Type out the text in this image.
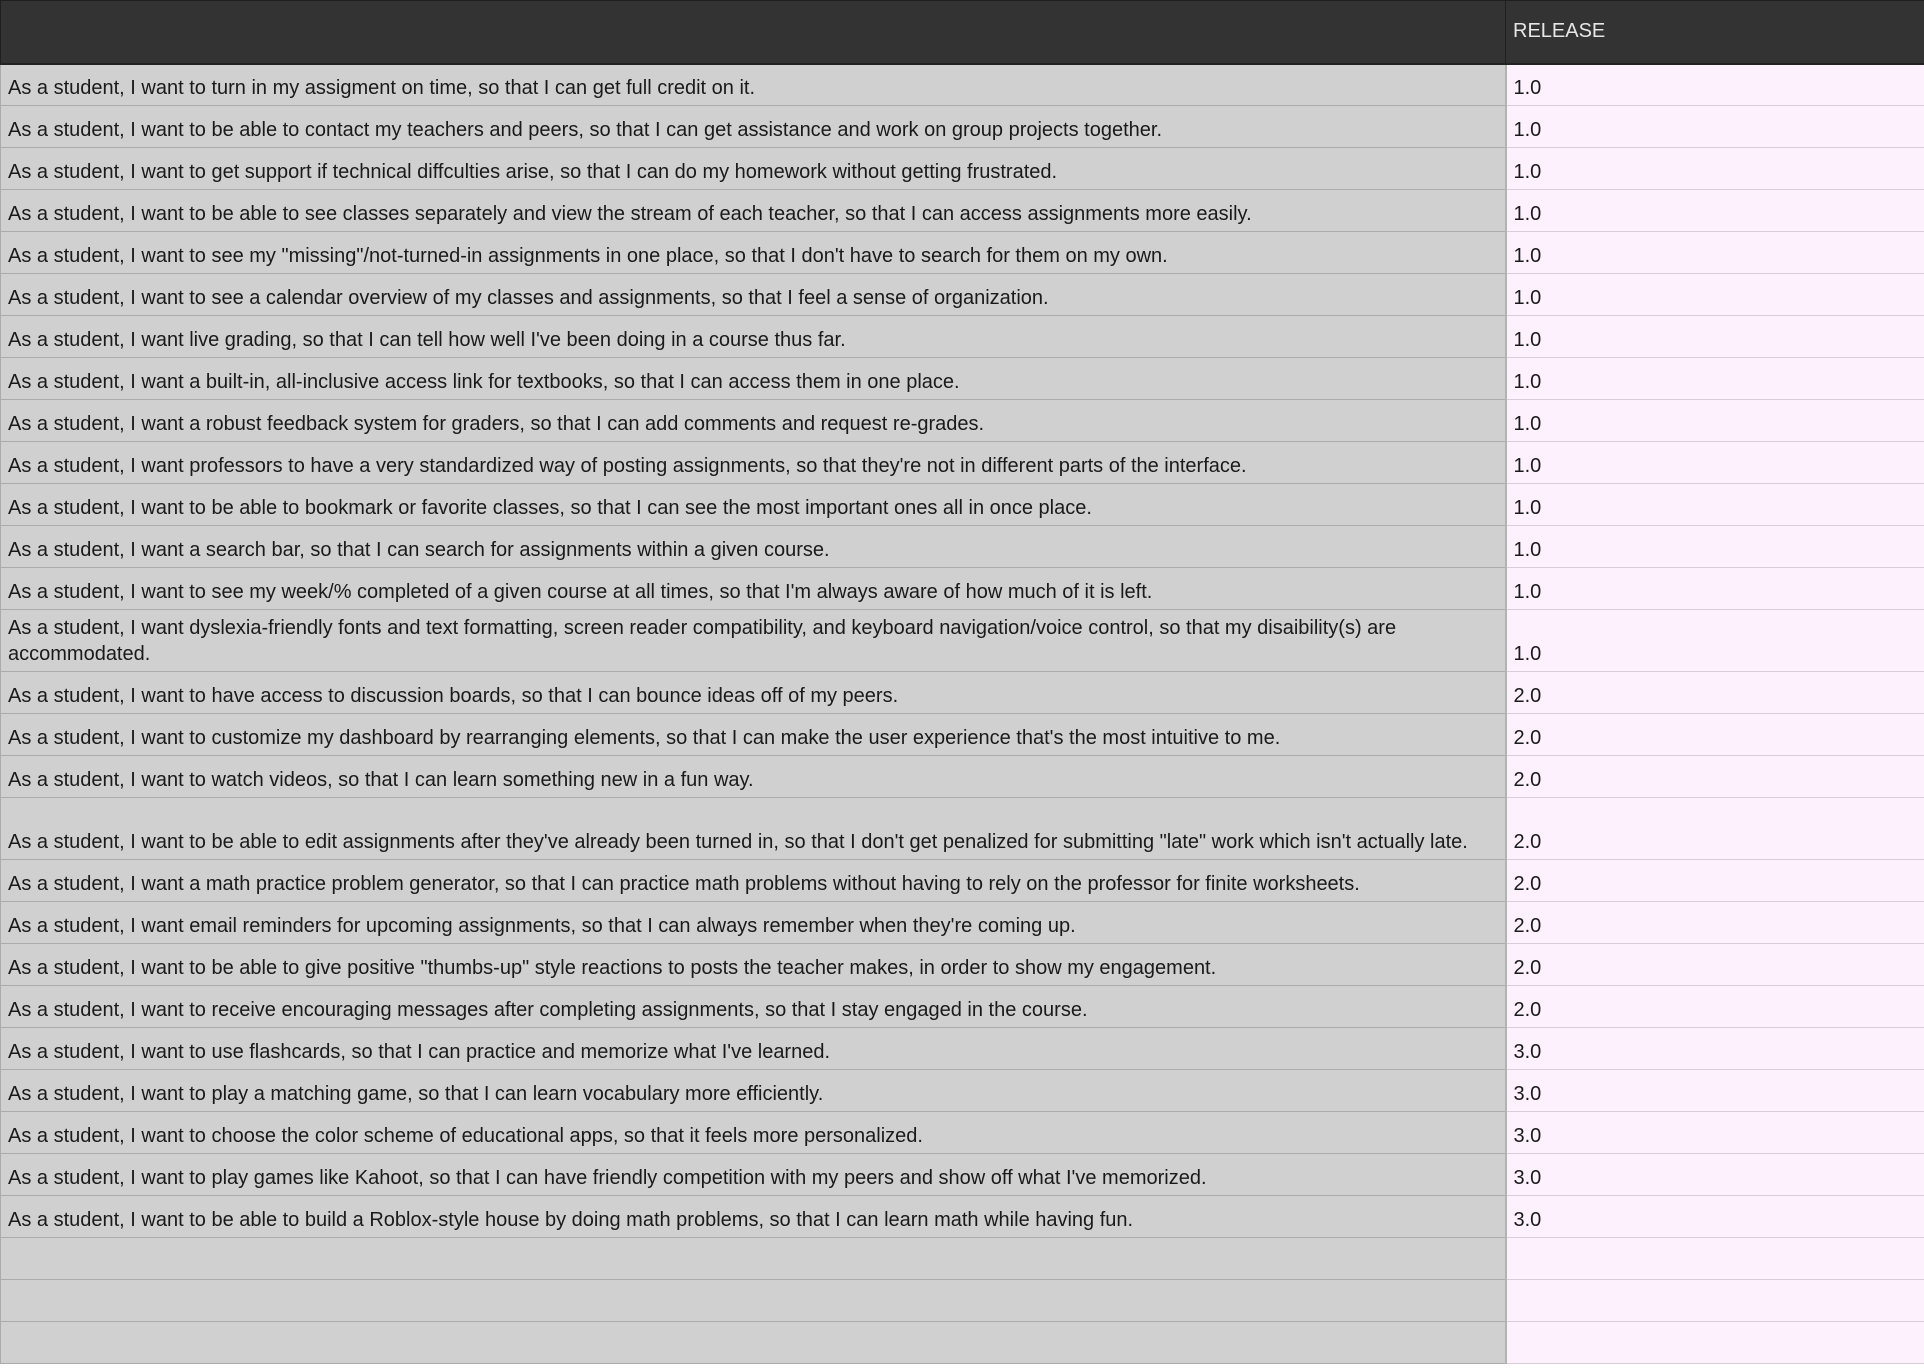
	RELEASE
As a student, I want to turn in my assigment on time, so that I can get full credit on it.	1.0
As a student, I want to be able to contact my teachers and peers, so that I can get assistance and work on group projects together.	1.0
As a student, I want to get support if technical diffculties arise, so that I can do my homework without getting frustrated.	1.0
As a student, I want to be able to see classes separately and view the stream of each teacher, so that I can access assignments more easily.	1.0
As a student, I want to see my "missing"/not-turned-in assignments in one place, so that I don't have to search for them on my own.	1.0
As a student, I want to see a calendar overview of my classes and assignments, so that I feel a sense of organization.	1.0
As a student, I want live grading, so that I can tell how well I've been doing in a course thus far.	1.0
As a student, I want a built-in, all-inclusive access link for textbooks, so that I can access them in one place.	1.0
As a student, I want a robust feedback system for graders, so that I can add comments and request re-grades.	1.0
As a student, I want professors to have a very standardized way of posting assignments, so that they're not in different parts of the interface.	1.0
As a student, I want to be able to bookmark or favorite classes, so that I can see the most important ones all in once place.	1.0
As a student, I want a search bar, so that I can search for assignments within a given course.	1.0
As a student, I want to see my week/% completed of a given course at all times, so that I'm always aware of how much of it is left.	1.0
As a student, I want dyslexia-friendly fonts and text formatting, screen reader compatibility, and keyboard navigation/voice control, so that my disaibility(s) are accommodated.	1.0
As a student, I want to have access to discussion boards, so that I can bounce ideas off of my peers.	2.0
As a student, I want to customize my dashboard by rearranging elements, so that I can make the user experience that's the most intuitive to me.	2.0
As a student, I want to watch videos, so that I can learn something new in a fun way.	2.0
As a student, I want to be able to edit assignments after they've already been turned in, so that I don't get penalized for submitting "late" work which isn't actually late.	2.0
As a student, I want a math practice problem generator, so that I can practice math problems without having to rely on the professor for finite worksheets.	2.0
As a student, I want email reminders for upcoming assignments, so that I can always remember when they're coming up.	2.0
As a student, I want to be able to give positive "thumbs-up" style reactions to posts the teacher makes, in order to show my engagement.	2.0
As a student, I want to receive encouraging messages after completing assignments, so that I stay engaged in the course.	2.0
As a student, I want to use flashcards, so that I can practice and memorize what I've learned.	3.0
As a student, I want to play a matching game, so that I can learn vocabulary more efficiently.	3.0
As a student, I want to choose the color scheme of educational apps, so that it feels more personalized.	3.0
As a student, I want to play games like Kahoot, so that I can have friendly competition with my peers and show off what I've memorized.	3.0
As a student, I want to be able to build a Roblox-style house by doing math problems, so that I can learn math while having fun.	3.0
